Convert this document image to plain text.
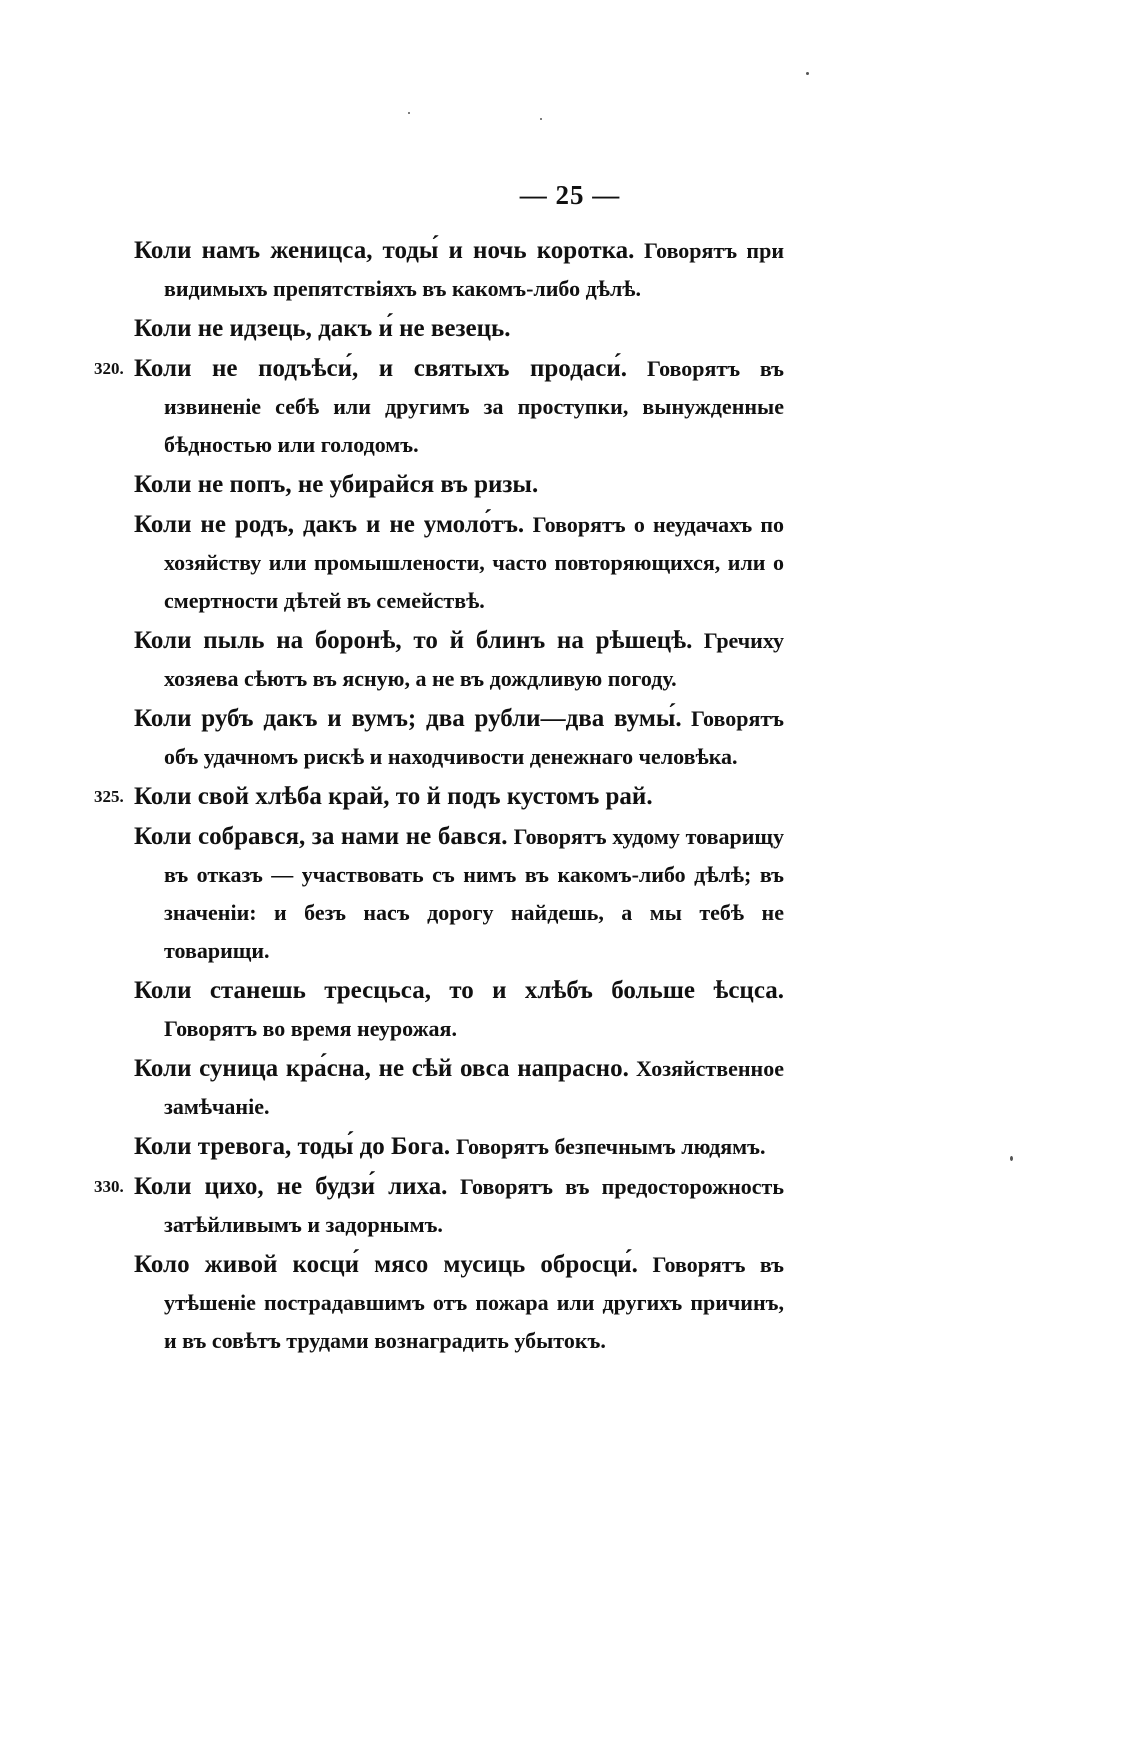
— 25 —

Коли намъ женицса, тоды́ и ночь коротка. Говорятъ при видимыхъ препятствіяхъ въ какомъ-либо дѣлѣ.

Коли не идзець, дакъ и́ не везець.

320. Коли не подъѣси́, и святыхъ продаси́. Говорятъ въ извиненіе себѣ или другимъ за проступки, вынужденные бѣдностью или голодомъ.

Коли не попъ, не убирайся въ ризы.

Коли не родъ, дакъ и не умоло́тъ. Говорятъ о неудачахъ по хозяйству или промышлености, часто повторяющихся, или о смертности дѣтей въ семействѣ.

Коли пыль на боронѣ, то й блинъ на рѣшецѣ. Гречиху хозяева сѣютъ въ ясную, а не въ дождливую погоду.

Коли рубъ дакъ и вумъ; два рубли—два вумы́. Говорятъ объ удачномъ рискѣ и находчивости денежнаго человѣка.

325. Коли свой хлѣба край, то й подъ кустомъ рай.

Коли собрався, за нами не бався. Говорятъ худому товарищу въ отказъ — участвовать съ нимъ въ какомъ-либо дѣлѣ; въ значеніи: и безъ насъ дорогу найдешь, а мы тебѣ не товарищи.

Коли станешь тресцьса, то и хлѣбъ больше ѣсцса. Говорятъ во время неурожая.

Коли суница кра́сна, не сѣй овса напрасно. Хозяйственное замѣчаніе.

Коли тревога, тоды́ до Бога. Говорятъ безпечнымъ людямъ.

330. Коли цихо, не будзи́ лиха. Говорятъ въ предосторожность затѣйливымъ и задорнымъ.

Коло живой косци́ мясо мусиць обросци́. Говорятъ въ утѣшеніе пострадавшимъ отъ пожара или другихъ причинъ, и въ совѣтъ трудами вознаградить убытокъ.
